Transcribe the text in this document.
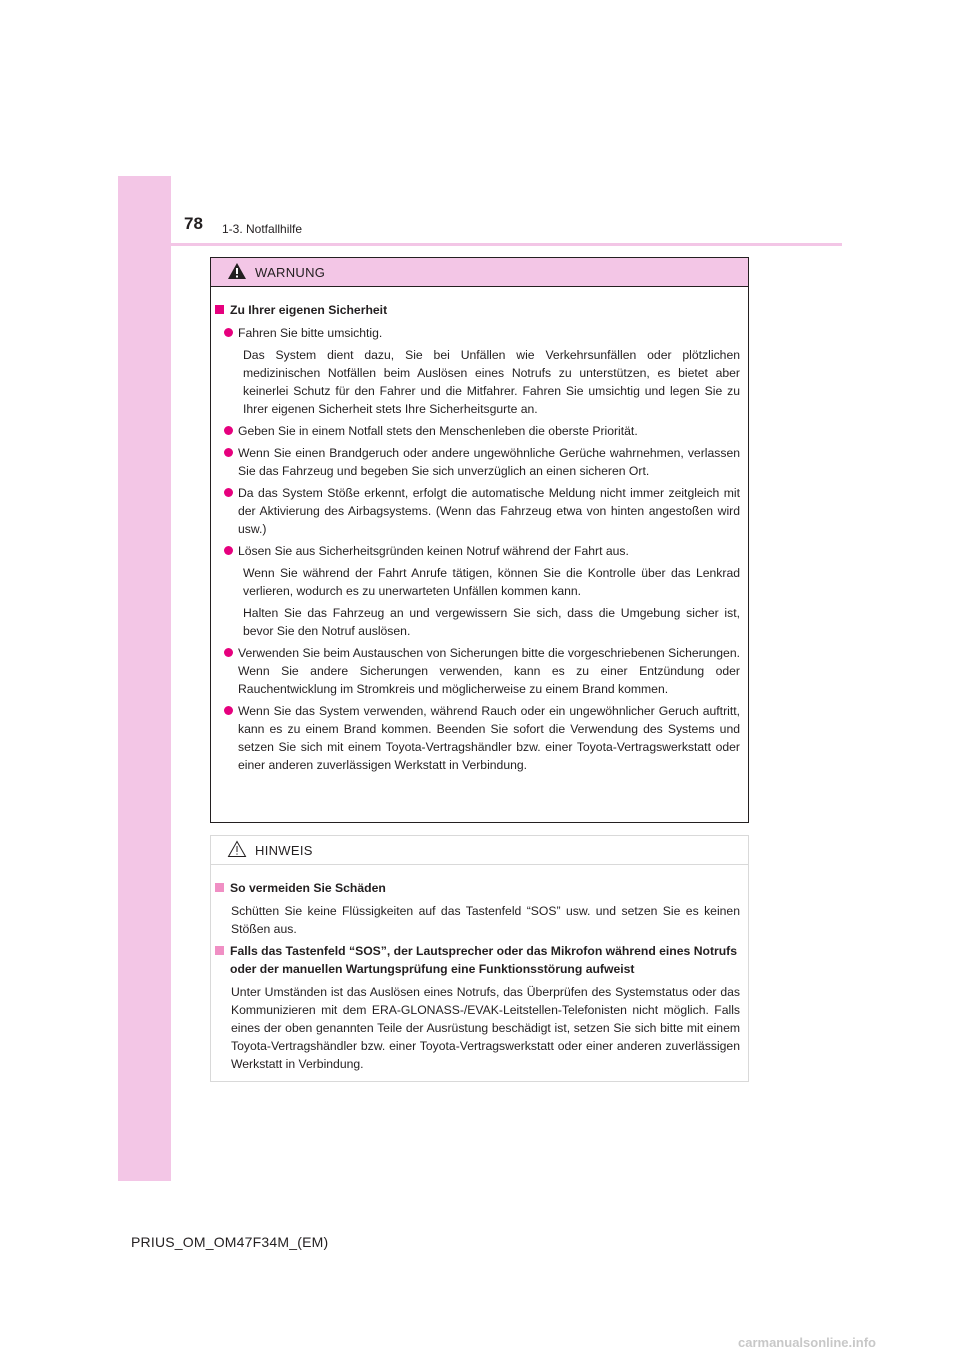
78 1-3. Notfallhilfe
WARNUNG
Zu Ihrer eigenen Sicherheit
Fahren Sie bitte umsichtig.
Das System dient dazu, Sie bei Unfällen wie Verkehrsunfällen oder plötzlichen medizinischen Notfällen beim Auslösen eines Notrufs zu unterstützen, es bietet aber keinerlei Schutz für den Fahrer und die Mitfahrer. Fahren Sie umsichtig und legen Sie zu Ihrer eigenen Sicherheit stets Ihre Sicherheitsgurte an.
Geben Sie in einem Notfall stets den Menschenleben die oberste Priorität.
Wenn Sie einen Brandgeruch oder andere ungewöhnliche Gerüche wahrnehmen, verlassen Sie das Fahrzeug und begeben Sie sich unverzüglich an einen sicheren Ort.
Da das System Stöße erkennt, erfolgt die automatische Meldung nicht immer zeitgleich mit der Aktivierung des Airbagsystems. (Wenn das Fahrzeug etwa von hinten angestoßen wird usw.)
Lösen Sie aus Sicherheitsgründen keinen Notruf während der Fahrt aus.
Wenn Sie während der Fahrt Anrufe tätigen, können Sie die Kontrolle über das Lenkrad verlieren, wodurch es zu unerwarteten Unfällen kommen kann.
Halten Sie das Fahrzeug an und vergewissern Sie sich, dass die Umgebung sicher ist, bevor Sie den Notruf auslösen.
Verwenden Sie beim Austauschen von Sicherungen bitte die vorgeschriebenen Sicherungen. Wenn Sie andere Sicherungen verwenden, kann es zu einer Entzündung oder Rauchentwicklung im Stromkreis und möglicherweise zu einem Brand kommen.
Wenn Sie das System verwenden, während Rauch oder ein ungewöhnlicher Geruch auftritt, kann es zu einem Brand kommen. Beenden Sie sofort die Verwendung des Systems und setzen Sie sich mit einem Toyota-Vertragshändler bzw. einer Toyota-Vertragswerkstatt oder einer anderen zuverlässigen Werkstatt in Verbindung.
HINWEIS
So vermeiden Sie Schäden
Schütten Sie keine Flüssigkeiten auf das Tastenfeld “SOS” usw. und setzen Sie es keinen Stößen aus.
Falls das Tastenfeld “SOS”, der Lautsprecher oder das Mikrofon während eines Notrufs oder der manuellen Wartungsprüfung eine Funktionsstörung aufweist
Unter Umständen ist das Auslösen eines Notrufs, das Überprüfen des Systemstatus oder das Kommunizieren mit dem ERA-GLONASS-/EVAK-Leitstellen-Telefonisten nicht möglich. Falls eines der oben genannten Teile der Ausrüstung beschädigt ist, setzen Sie sich bitte mit einem Toyota-Vertragshändler bzw. einer Toyota-Vertragswerkstatt oder einer anderen zuverlässigen Werkstatt in Verbindung.
PRIUS_OM_OM47F34M_(EM)
carmanualsonline.info
